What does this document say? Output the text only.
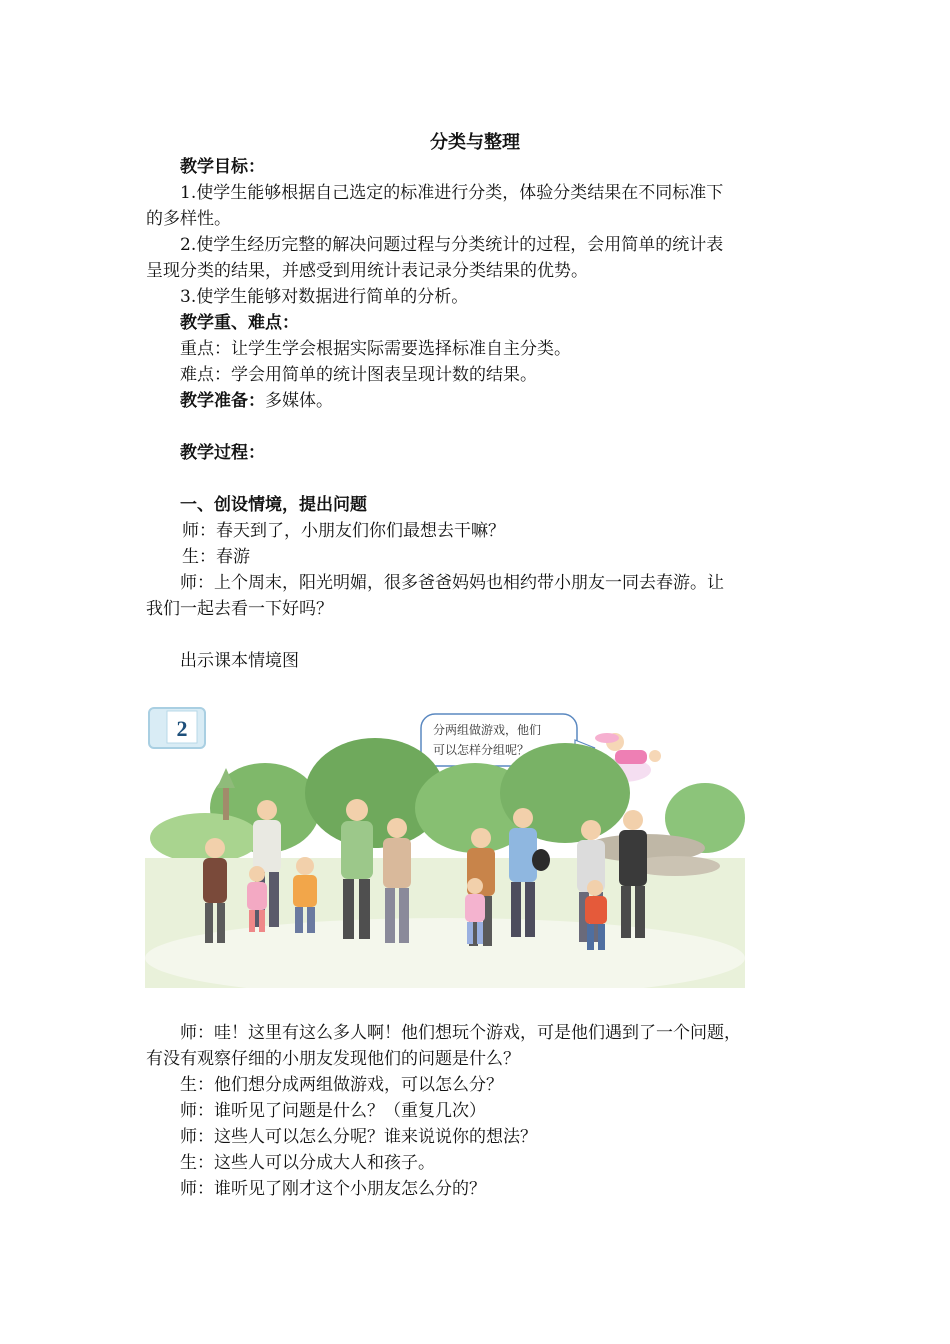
分类与整理

教学目标：

1.使学生能够根据自己选定的标准进行分类，体验分类结果在不同标准下

的多样性。

2.使学生经历完整的解决问题过程与分类统计的过程，会用简单的统计表

呈现分类的结果，并感受到用统计表记录分类结果的优势。

3.使学生能够对数据进行简单的分析。

教学重、难点：

重点：让学生学会根据实际需要选择标准自主分类。

难点：学会用简单的统计图表呈现计数的结果。

教学准备：多媒体。

教学过程：

一、创设情境，提出问题

师：春天到了，小朋友们你们最想去干嘛？

生：春游

师：上个周末，阳光明媚，很多爸爸妈妈也相约带小朋友一同去春游。让

我们一起去看一下好吗？

出示课本情境图

2	分两组做游戏，他们
可以怎样分组呢？

师：哇！这里有这么多人啊！他们想玩个游戏，可是他们遇到了一个问题，

有没有观察仔细的小朋友发现他们的问题是什么？

生：他们想分成两组做游戏，可以怎么分？

师：谁听见了问题是什么？（重复几次）

师：这些人可以怎么分呢？谁来说说你的想法？

生：这些人可以分成大人和孩子。

师：谁听见了刚才这个小朋友怎么分的？
